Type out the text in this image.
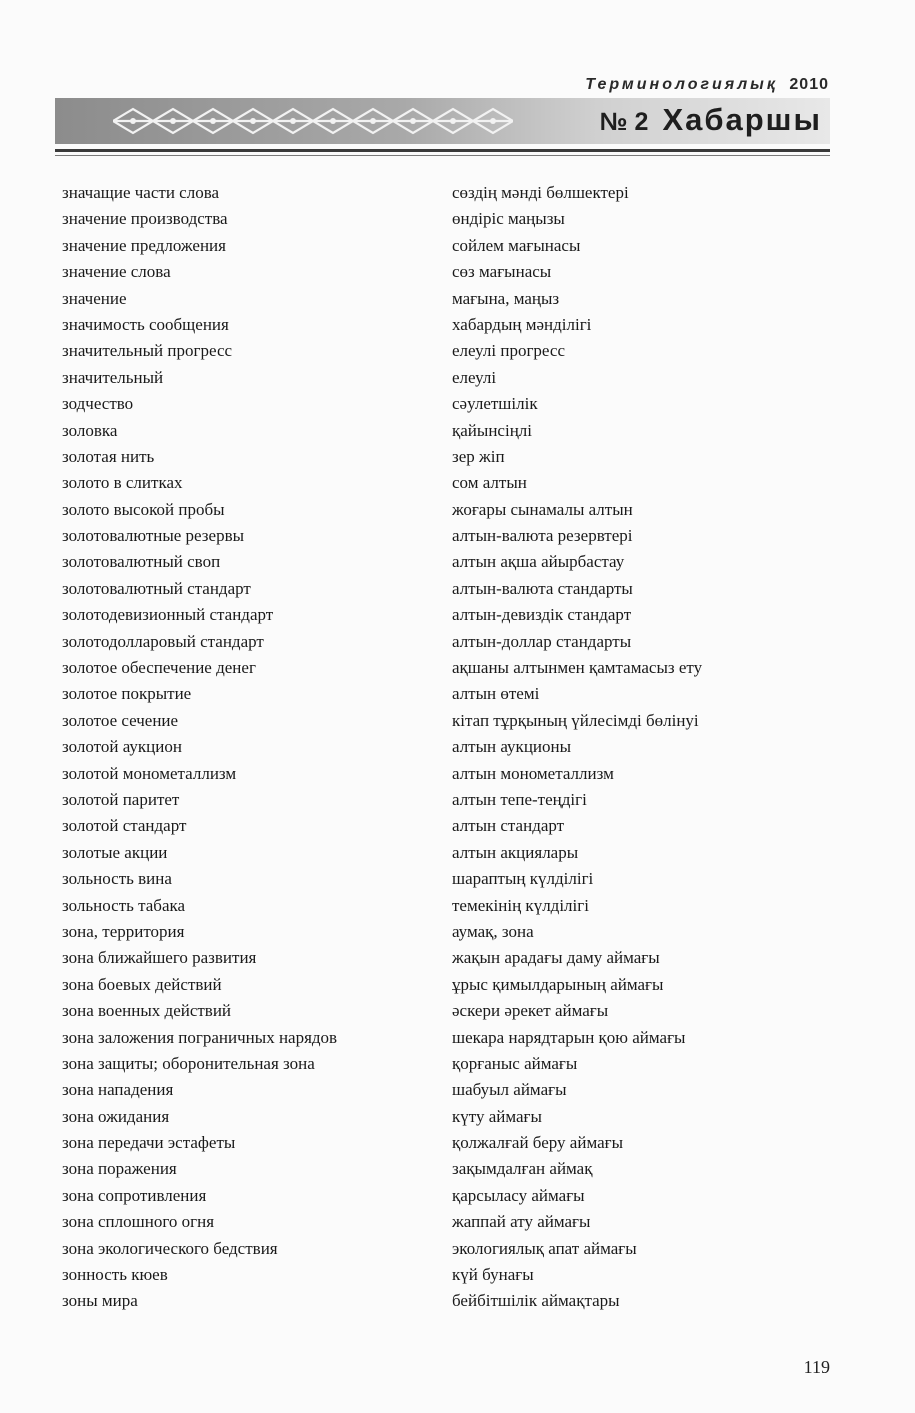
Терминологиялық 2010
№ 2 Хабаршы
значащие части слова	сөздің мәнді бөлшектері
значение производства	өндіріс маңызы
значение предложения	сойлем мағынасы
значение слова	сөз мағынасы
значение	мағына, маңыз
значимость сообщения	хабардың мәнділігі
значительный прогресс	елеулі прогресс
значительный	елеулі
зодчество	сәулетшілік
золовка	қайынсіңлі
золотая нить	зер жіп
золото в слитках	сом алтын
золото высокой пробы	жоғары сынамалы алтын
золотовалютные резервы	алтын-валюта резервтері
золотовалютный своп	алтын ақша айырбастау
золотовалютный стандарт	алтын-валюта стандарты
золотодевизионный стандарт	алтын-девиздік стандарт
золотодолларовый стандарт	алтын-доллар стандарты
золотое обеспечение денег	ақшаны алтынмен қамтамасыз ету
золотое покрытие	алтын өтемі
золотое сечение	кітап тұрқының үйлесімді бөлінуі
золотой аукцион	алтын аукционы
золотой монометаллизм	алтын монометаллизм
золотой паритет	алтын тепе-теңдігі
золотой стандарт	алтын стандарт
золотые акции	алтын акциялары
зольность вина	шараптың күлділігі
зольность табака	темекінің күлділігі
зона, территория	аумақ, зона
зона ближайшего развития	жақын арадағы даму аймағы
зона боевых действий	ұрыс қимылдарының аймағы
зона военных действий	әскери әрекет аймағы
зона заложения пограничных нарядов	шекара нарядтарын қою аймағы
зона защиты; оборонительная зона	қорғаныс аймағы
зона нападения	шабуыл аймағы
зона ожидания	күту аймағы
зона передачи эстафеты	қолжалғай беру аймағы
зона поражения	зақымдалған аймақ
зона сопротивления	қарсыласу аймағы
зона сплошного огня	жаппай ату аймағы
зона экологического бедствия	экологиялық апат аймағы
зонность кюев	күй бунағы
зоны мира	бейбітшілік аймақтары
119
